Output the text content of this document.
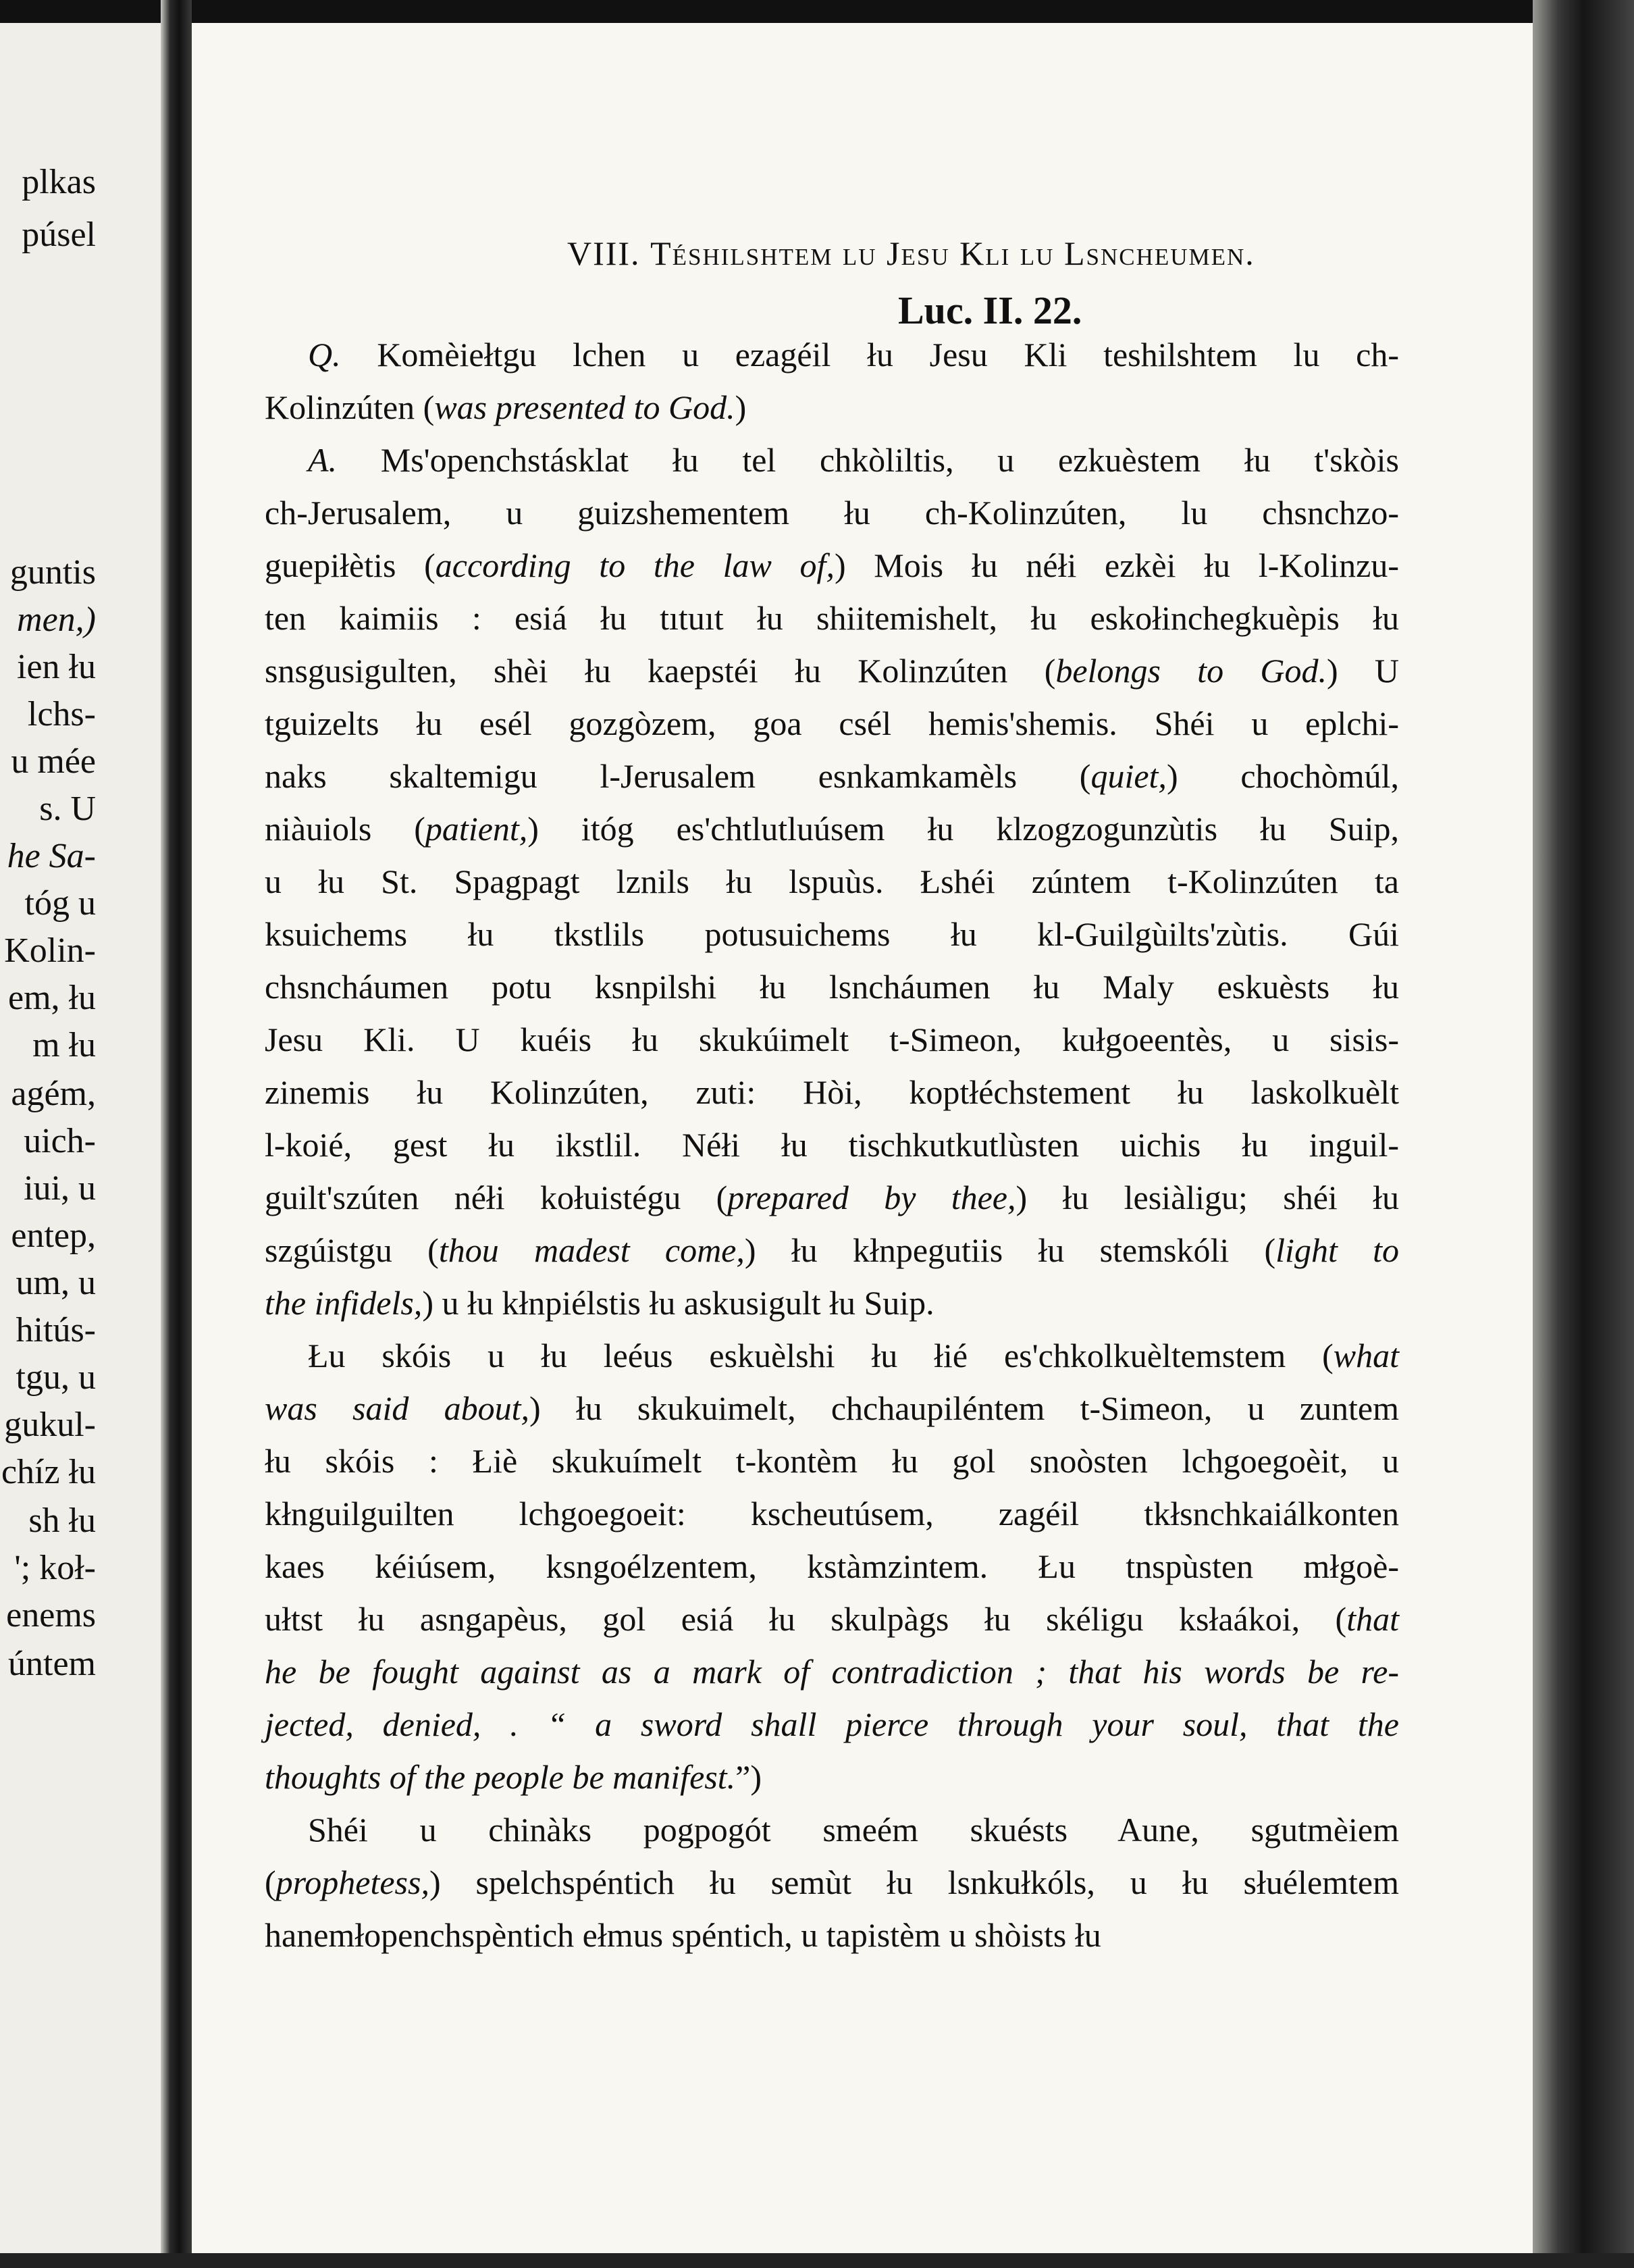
plkas
púsel
guntis
men,)
ien łu
lchs-
u mée
s. U
he Sa-
tóg u
Kolin-
em, łu
m łu
agém,
uich-
iui, u
entep,
um, u
hitús-
tgu, u
gukul-
chíz łu
sh łu
'; koł-
enems
úntem
VIII. Téshilshtem lu Jesu Kli lu Lsncheumen.
Luc. II. 22.
Q. Komèiełtgu lchen u ezagéil łu Jesu Kli teshilshtem lu ch-
Kolinzúten (was presented to God.)
A. Ms'openchstásklat łu tel chkòliltis, u ezkuèstem łu t'skòis
ch-Jerusalem, u guizshementem łu ch-Kolinzúten, lu chsnchzo-
guepiłètis (according to the law of,) Mois łu néłi ezkèi łu l-Kolinzu-
ten kaimiis : esiá łu tıtuıt łu shiitemishelt, łu eskołinchegkuèpis łu
snsgusigulten, shèi łu kaepstéi łu Kolinzúten (belongs to God.) U
tguizelts łu esél gozgòzem, goa csél hemis'shemis. Shéi u eplchi-
naks skaltemigu l-Jerusalem esnkamkamèls (quiet,) chochòmúl,
niàuiols (patient,) itóg es'chtlutluúsem łu klzogzogunzùtis łu Suip,
u łu St. Spagpagt lznils łu lspuùs. Łshéi zúntem t-Kolinzúten ta
ksuichems łu tkstlils potusuichems łu kl-Guilgùilts'zùtis. Gúi
chsncháumen potu ksnpilshi łu lsncháumen łu Maly eskuèsts łu
Jesu Kli. U kuéis łu skukúimelt t-Simeon, kułgoeentès, u sisis-
zinemis łu Kolinzúten, zuti: Hòi, koptłéchstement łu laskolkuèlt
l-koié, gest łu ikstlil. Néłi łu tischkutkutlùsten uichis łu inguil-
guilt'szúten néłi kołuistégu (prepared by thee,) łu lesiàligu; shéi łu
szgúistgu (thou madest come,) łu kłnpegutiis łu stemskóli (light to
the infidels,) u łu kłnpiélstis łu askusigult łu Suip.
Łu skóis u łu leéus eskuèlshi łu łié es'chkolkuèltemstem (what
was said about,) łu skukuimelt, chchaupiléntem t-Simeon, u zuntem
łu skóis : Łiè skukuímelt t-kontèm łu gol snoòsten lchgoegoèit, u
kłnguilguilten lchgoegoeit: kscheutúsem, zagéil tkłsnchkaiálkonten
kaes kéiúsem, ksngoélzentem, kstàmzintem. Łu tnspùsten młgoè-
ułtst łu asngapèus, gol esiá łu skulpàgs łu skéligu ksłaákoi, (that
he be fought against as a mark of contradiction ; that his words be re-
jected, denied, . “ a sword shall pierce through your soul, that the
thoughts of the people be manifest.”)
Shéi u chinàks pogpogót smeém skuésts Aune, sgutmèiem
(prophetess,) spelchspéntich łu semùt łu lsnkułkóls, u łu słuélemtem
hanemłopenchspèntich ełmus spéntich, u tapistèm u shòists łu
